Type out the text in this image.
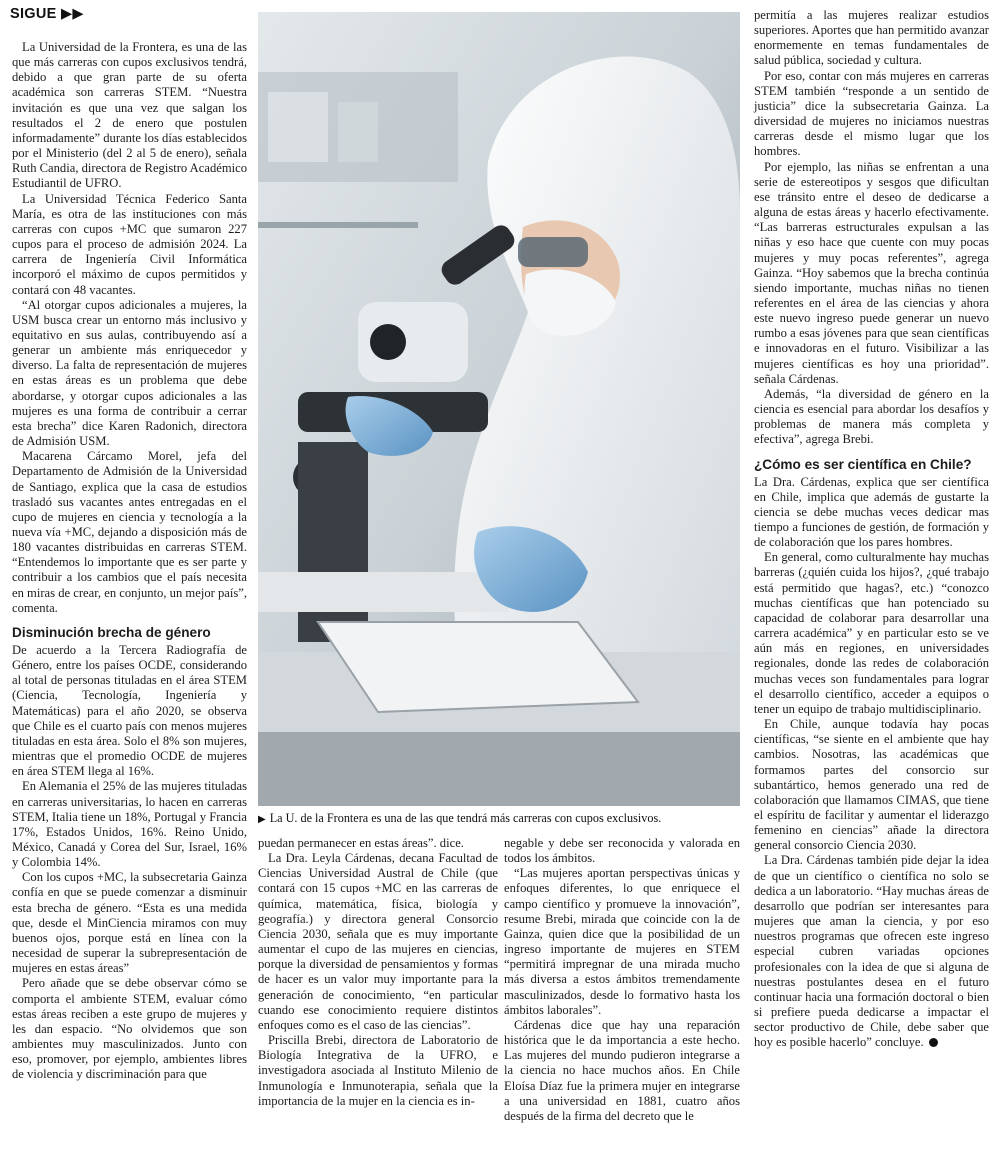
SIGUE ▶▶

La Universidad de la Frontera, es una de las que más carreras con cupos exclusivos tendrá, debido a que gran parte de su oferta académica son carreras STEM. “Nuestra invitación es que una vez que salgan los resultados el 2 de enero que postulen informadamente” durante los días establecidos por el Ministerio (del 2 al 5 de enero), señala Ruth Candia, directora de Registro Académico Estudiantil de UFRO.

La Universidad Técnica Federico Santa María, es otra de las instituciones con más carreras con cupos +MC que sumaron 227 cupos para el proceso de admisión 2024. La carrera de Ingeniería Civil Informática incorporó el máximo de cupos permitidos y contará con 48 vacantes.

“Al otorgar cupos adicionales a mujeres, la USM busca crear un entorno más inclusivo y equitativo en sus aulas, contribuyendo así a generar un ambiente más enriquecedor y diverso. La falta de representación de mujeres en estas áreas es un problema que debe abordarse, y otorgar cupos adicionales a las mujeres es una forma de contribuir a cerrar esta brecha” dice Karen Radonich, directora de Admisión USM.

Macarena Cárcamo Morel, jefa del Departamento de Admisión de la Universidad de Santiago, explica que la casa de estudios trasladó sus vacantes antes entregadas en el cupo de mujeres en ciencia y tecnología a la nueva vía +MC, dejando a disposición más de 180 vacantes distribuidas en carreras STEM. “Entendemos lo importante que es ser parte y contribuir a los cambios que el país necesita en miras de crear, en conjunto, un mejor país”, comenta.

Disminución brecha de género

De acuerdo a la Tercera Radiografía de Género, entre los países OCDE, considerando al total de personas tituladas en el área STEM (Ciencia, Tecnología, Ingeniería y Matemáticas) para el año 2020, se observa que Chile es el cuarto país con menos mujeres tituladas en esta área. Solo el 8% son mujeres, mientras que el promedio OCDE de mujeres en área STEM llega al 16%.

En Alemania el 25% de las mujeres tituladas en carreras universitarias, lo hacen en carreras STEM, Italia tiene un 18%, Portugal y Francia 17%, Estados Unidos, 16%. Reino Unido, México, Canadá y Corea del Sur, Israel, 16% y Colombia 14%.

Con los cupos +MC, la subsecretaria Gainza confía en que se puede comenzar a disminuir esta brecha de género. “Esta es una medida que, desde el MinCiencia miramos con muy buenos ojos, porque está en línea con la necesidad de superar la subrepresentación de mujeres en estas áreas”

Pero añade que se debe observar cómo se comporta el ambiente STEM, evaluar cómo estas áreas reciben a este grupo de mujeres y les dan espacio. “No olvidemos que son ambientes muy masculinizados. Junto con eso, promover, por ejemplo, ambientes libres de violencia y discriminación para que

▶ La U. de la Frontera es una de las que tendrá más carreras con cupos exclusivos.

puedan permanecer en estas áreas”. dice.

La Dra. Leyla Cárdenas, decana Facultad de Ciencias Universidad Austral de Chile (que contará con 15 cupos +MC en las carreras de química, matemática, física, biología y geografía.) y directora general Consorcio Ciencia 2030, señala que es muy importante aumentar el cupo de las mujeres en ciencias, porque la diversidad de pensamientos y formas de hacer es un valor muy importante para la generación de conocimiento, “en particular cuando ese conocimiento requiere distintos enfoques como es el caso de las ciencias”.

Priscilla Brebi, directora de Laboratorio de Biología Integrativa de la UFRO, e investigadora asociada al Instituto Milenio de Inmunología e Inmunoterapia, señala que la importancia de la mujer en la ciencia es in-

negable y debe ser reconocida y valorada en todos los ámbitos.

“Las mujeres aportan perspectivas únicas y enfoques diferentes, lo que enriquece el campo científico y promueve la innovación”, resume Brebi, mirada que coincide con la de Gainza, quien dice que la posibilidad de un ingreso importante de mujeres en STEM “permitirá impregnar de una mirada mucho más diversa a estos ámbitos tremendamente masculinizados, desde lo formativo hasta los ámbitos laborales”.

Cárdenas dice que hay una reparación histórica que le da importancia a este hecho. Las mujeres del mundo pudieron integrarse a la ciencia no hace muchos años. En Chile Eloísa Díaz fue la primera mujer en integrarse a una universidad en 1881, cuatro años después de la firma del decreto que le

permitía a las mujeres realizar estudios superiores. Aportes que han permitido avanzar enormemente en temas fundamentales de salud pública, sociedad y cultura.

Por eso, contar con más mujeres en carreras STEM también “responde a un sentido de justicia” dice la subsecretaria Gainza. La diversidad de mujeres no iniciamos nuestras carreras desde el mismo lugar que los hombres.

Por ejemplo, las niñas se enfrentan a una serie de estereotipos y sesgos que dificultan ese tránsito entre el deseo de dedicarse a alguna de estas áreas y hacerlo efectivamente. “Las barreras estructurales expulsan a las niñas y eso hace que cuente con muy pocas mujeres y muy pocas referentes”, agrega Gainza. “Hoy sabemos que la brecha continúa siendo importante, muchas niñas no tienen referentes en el área de las ciencias y ahora este nuevo ingreso puede generar un nuevo rumbo a esas jóvenes para que sean científicas e innovadoras en el futuro. Visibilizar a las mujeres científicas es hoy una prioridad”. señala Cárdenas.

Además, “la diversidad de género en la ciencia es esencial para abordar los desafíos y problemas de manera más completa y efectiva”, agrega Brebi.

¿Cómo es ser científica en Chile?

La Dra. Cárdenas, explica que ser científica en Chile, implica que además de gustarte la ciencia se debe muchas veces dedicar mas tiempo a funciones de gestión, de formación y de colaboración que los pares hombres.

En general, como culturalmente hay muchas barreras (¿quién cuida los hijos?, ¿qué trabajo está permitido que hagas?, etc.) “conozco muchas científicas que han potenciado su capacidad de colaborar para desarrollar una carrera académica” y en particular esto se ve aún más en regiones, en universidades regionales, donde las redes de colaboración muchas veces son fundamentales para lograr el desarrollo científico, acceder a equipos o tener un equipo de trabajo multidisciplinario.

En Chile, aunque todavía hay pocas científicas, “se siente en el ambiente que hay cambios. Nosotras, las académicas que formamos partes del consorcio sur subantártico, hemos generado una red de colaboración que llamamos CIMAS, que tiene el espíritu de facilitar y aumentar el liderazgo femenino en ciencias” añade la directora general consorcio Ciencia 2030.

La Dra. Cárdenas también pide dejar la idea de que un científico o científica no solo se dedica a un laboratorio. “Hay muchas áreas de desarrollo que podrían ser interesantes para mujeres que aman la ciencia, y por eso nuestros programas que ofrecen este ingreso especial cubren variadas opciones profesionales con la idea de que si alguna de nuestras postulantes desea en el futuro continuar hacia una formación doctoral o bien si prefiere pueda dedicarse a impactar el sector productivo de Chile, debe saber que hoy es posible hacerlo” concluye.
